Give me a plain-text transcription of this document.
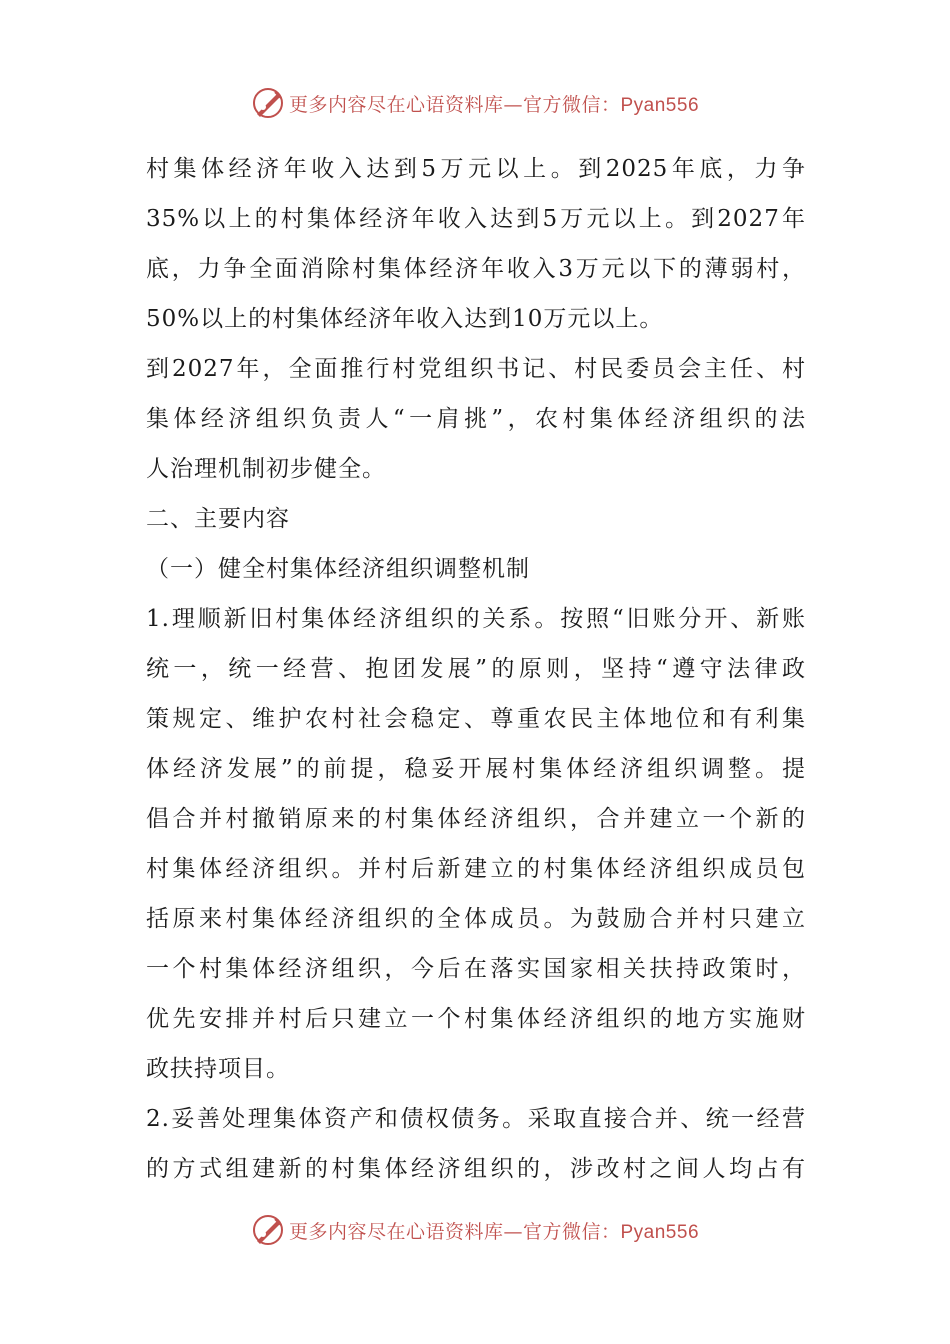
更多内容尽在心语资料库—官方微信：Pyan556
村集体经济年收入达到5万元以上。到2025年底，力争
35%以上的村集体经济年收入达到5万元以上。到2027年
底，力争全面消除村集体经济年收入3万元以下的薄弱村，
50%以上的村集体经济年收入达到10万元以上。
到2027年，全面推行村党组织书记、村民委员会主任、村
集体经济组织负责人“一肩挑”，农村集体经济组织的法
人治理机制初步健全。
二、主要内容
（一）健全村集体经济组织调整机制
1.理顺新旧村集体经济组织的关系。按照“旧账分开、新账
统一，统一经营、抱团发展”的原则，坚持“遵守法律政
策规定、维护农村社会稳定、尊重农民主体地位和有利集
体经济发展”的前提，稳妥开展村集体经济组织调整。提
倡合并村撤销原来的村集体经济组织，合并建立一个新的
村集体经济组织。并村后新建立的村集体经济组织成员包
括原来村集体经济组织的全体成员。为鼓励合并村只建立
一个村集体经济组织，今后在落实国家相关扶持政策时，
优先安排并村后只建立一个村集体经济组织的地方实施财
政扶持项目。
2.妥善处理集体资产和债权债务。采取直接合并、统一经营
的方式组建新的村集体经济组织的，涉改村之间人均占有
更多内容尽在心语资料库—官方微信：Pyan556
